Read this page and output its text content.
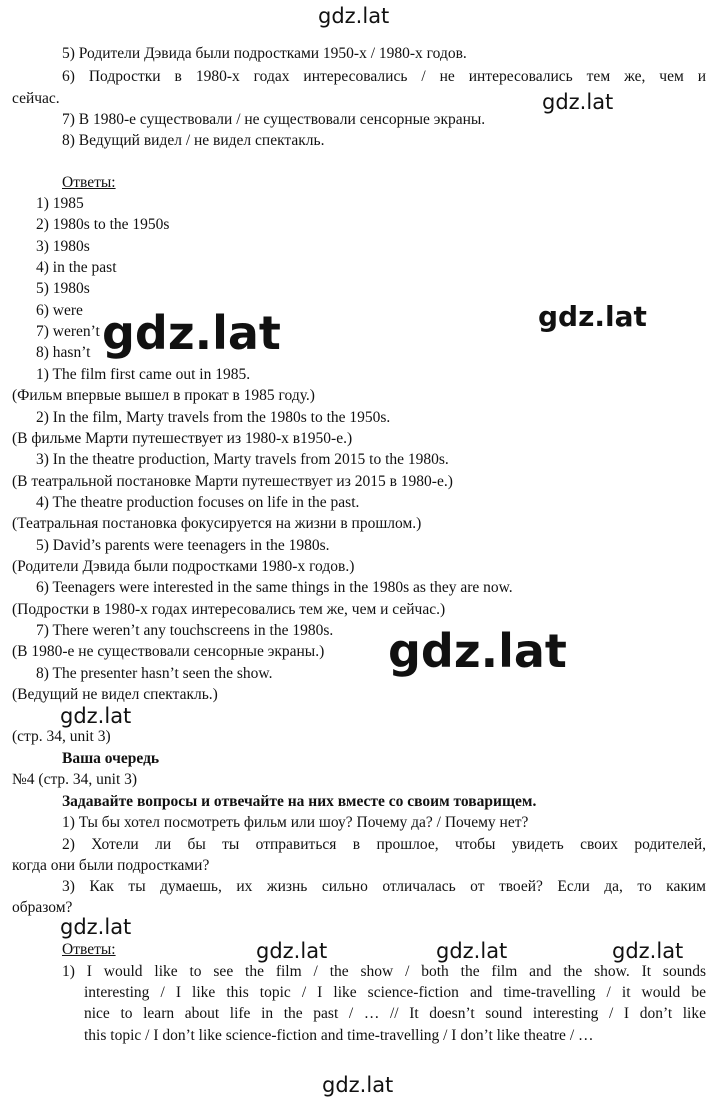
gdz.lat
gdz.lat
gdz.lat
gdz.lat
gdz.lat
gdz.lat
gdz.lat
gdz.lat	gdz.lat	gdz.lat
gdz.lat
5) Родители Дэвида были подростками 1950-х / 1980-х годов.
6) Подростки в 1980-х годах интересовались / не интересовались тем же, чем и
сейчас.
7) В 1980-е существовали / не существовали сенсорные экраны.
8) Ведущий видел / не видел спектакль.
Ответы:
1) 1985
2) 1980s to the 1950s
3) 1980s
4) in the past
5) 1980s
6) were
7) weren’t
8) hasn’t
1) The film first came out in 1985.
(Фильм впервые вышел в прокат в 1985 году.)
2) In the film, Marty travels from the 1980s to the 1950s.
(В фильме Марти путешествует из 1980-х в1950-е.)
3) In the theatre production, Marty travels from 2015 to the 1980s.
(В театральной постановке Марти путешествует из 2015 в 1980-е.)
4) The theatre production focuses on life in the past.
(Театральная постановка фокусируется на жизни в прошлом.)
5) David’s parents were teenagers in the 1980s.
(Родители Дэвида были подростками 1980-х годов.)
6) Teenagers were interested in the same things in the 1980s as they are now.
(Подростки в 1980-х годах интересовались тем же, чем и сейчас.)
7) There weren’t any touchscreens in the 1980s.
(В 1980-е не существовали сенсорные экраны.)
8) The presenter hasn’t seen the show.
(Ведущий не видел спектакль.)
(стр. 34, unit 3)
Ваша очередь
№4 (стр. 34, unit 3)
Задавайте вопросы и отвечайте на них вместе со своим товарищем.
1) Ты бы хотел посмотреть фильм или шоу? Почему да? / Почему нет?
2) Хотели ли бы ты отправиться в прошлое, чтобы увидеть своих родителей,
когда они были подростками?
3) Как ты думаешь, их жизнь сильно отличалась от твоей? Если да, то каким
образом?
Ответы:
1) I would like to see the film / the show / both the film and the show. It sounds
interesting / I like this topic / I like science-fiction and time-travelling / it would be
nice to learn about life in the past / … // It doesn’t sound interesting / I don’t like
this topic / I don’t like science-fiction and time-travelling / I don’t like theatre / …
